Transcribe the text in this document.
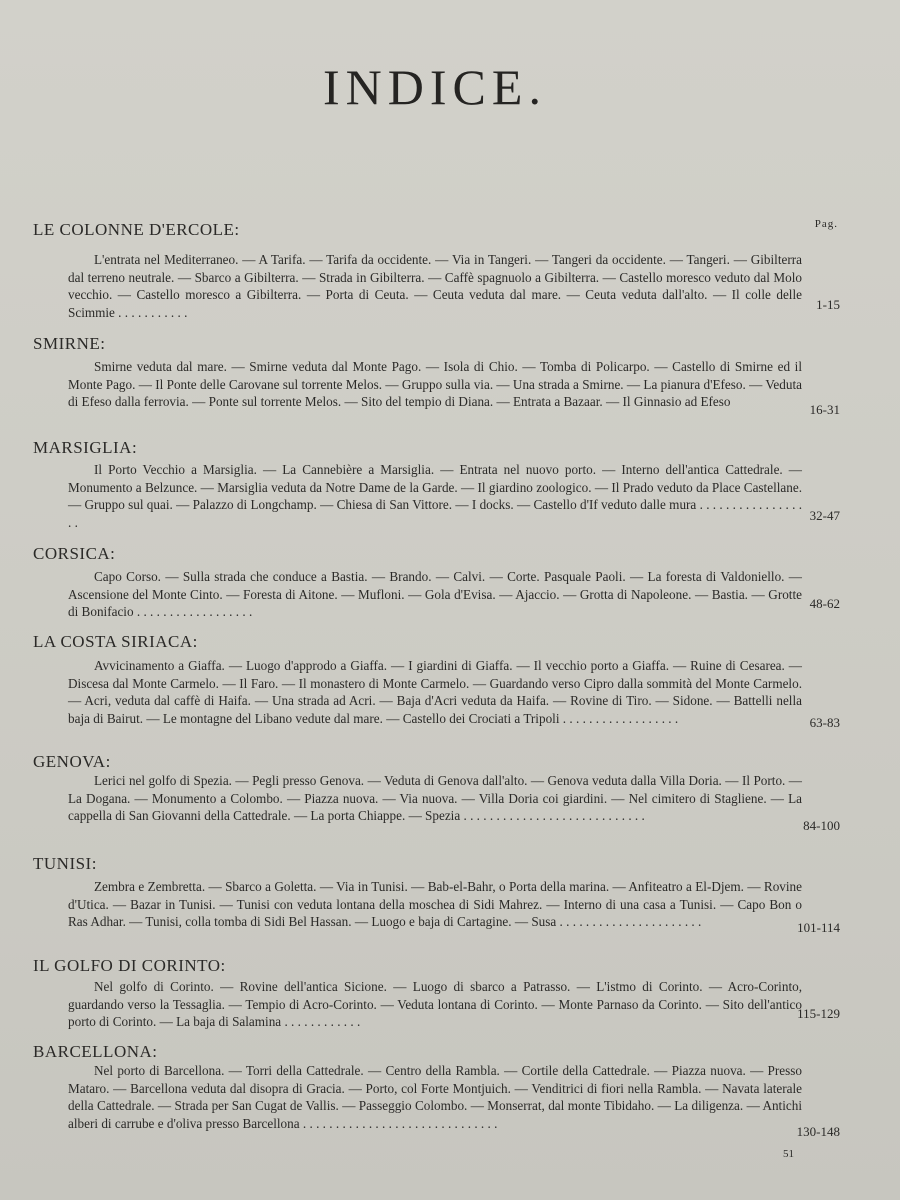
INDICE.
Pag.
LE COLONNE D'ERCOLE:

L'entrata nel Mediterraneo. — A Tarifa. — Tarifa da occidente. — Via in Tangeri. — Tangeri da occidente. — Tangeri. — Gibilterra dal terreno neutrale. — Sbarco a Gibilterra. — Strada in Gibilterra. — Caffè spagnuolo a Gibilterra. — Castello moresco veduto dal Molo vecchio. — Castello moresco a Gibilterra. — Porta di Ceuta. — Ceuta veduta dal mare. — Ceuta veduta dall'alto. — Il colle delle Scimmie . . . . . . . . . . .	1-15
SMIRNE:

Smirne veduta dal mare. — Smirne veduta dal Monte Pago. — Isola di Chio. — Tomba di Policarpo. — Castello di Smirne ed il Monte Pago. — Il Ponte delle Carovane sul torrente Melos. — Gruppo sulla via. — Una strada a Smirne. — La pianura d'Efeso. — Veduta di Efeso dalla ferrovia. — Ponte sul torrente Melos. — Sito del tempio di Diana. — Entrata a Bazaar. — Il Ginnasio ad Efeso

16-31
MARSIGLIA:

Il Porto Vecchio a Marsiglia. — La Cannebière a Marsiglia. — Entrata nel nuovo porto. — Interno dell'antica Cattedrale. — Monumento a Belzunce. — Marsiglia veduta da Notre Dame de la Garde. — Il giardino zoologico. — Il Prado veduto da Place Castellane. — Gruppo sul quai. — Palazzo di Longchamp. — Chiesa di San Vittore. — I docks. — Castello d'If veduto dalle mura . . . . . . . . . . . . . . . . . .	32-47
CORSICA:

Capo Corso. — Sulla strada che conduce a Bastia. — Brando. — Calvi. — Corte. Pasquale Paoli. — La foresta di Valdoniello. — Ascensione del Monte Cinto. — Foresta di Aitone. — Mufloni. — Gola d'Evisa. — Ajaccio. — Grotta di Napoleone. — Bastia. — Grotte di Bonifacio . . . . . . . . . . . . . . . . . .

48-62
LA COSTA SIRIACA:

Avvicinamento a Giaffa. — Luogo d'approdo a Giaffa. — I giardini di Giaffa. — Il vecchio porto a Giaffa. — Ruine di Cesarea. — Discesa dal Monte Carmelo. — Il Faro. — Il monastero di Monte Carmelo. — Guardando verso Cipro dalla sommità del Monte Carmelo. — Acri, veduta dal caffè di Haifa. — Una strada ad Acri. — Baja d'Acri veduta da Haifa. — Rovine di Tiro. — Sidone. — Battelli nella baja di Bairut. — Le montagne del Libano vedute dal mare. — Castello dei Crociati a Tripoli . . . . . . . . . . . . . . . . . .	63-83
GENOVA:

Lerici nel golfo di Spezia. — Pegli presso Genova. — Veduta di Genova dall'alto. — Genova veduta dalla Villa Doria. — Il Porto. — La Dogana. — Monumento a Colombo. — Piazza nuova. — Via nuova. — Villa Doria coi giardini. — Nel cimitero di Stagliene. — La cappella di San Giovanni della Cattedrale. — La porta Chiappe. — Spezia . . . . . . . . . . . . . . . . . . . . . . . . . . . .

84-100
TUNISI:

Zembra e Zembretta. — Sbarco a Goletta. — Via in Tunisi. — Bab-el-Bahr, o Porta della marina. — Anfiteatro a El-Djem. — Rovine d'Utica. — Bazar in Tunisi. — Tunisi con veduta lontana della moschea di Sidi Mahrez. — Interno di una casa a Tunisi. — Capo Bon o Ras Adhar. — Tunisi, colla tomba di Sidi Bel Hassan. — Luogo e baja di Cartagine. — Susa . . . . . . . . . . . . . . . . . . . . . .	101-114
IL GOLFO DI CORINTO:

Nel golfo di Corinto. — Rovine dell'antica Sicione. — Luogo di sbarco a Patrasso. — L'istmo di Corinto. — Acro-Corinto, guardando verso la Tessaglia. — Tempio di Acro-Corinto. — Veduta lontana di Corinto. — Monte Parnaso da Corinto. — Sito dell'antico porto di Corinto. — La baja di Salamina . . . . . . . . . . . .

115-129
BARCELLONA:

Nel porto di Barcellona. — Torri della Cattedrale. — Centro della Rambla. — Cortile della Cattedrale. — Piazza nuova. — Presso Mataro. — Barcellona veduta dal disopra di Gracia. — Porto, col Forte Montjuich. — Venditrici di fiori nella Rambla. — Navata laterale della Cattedrale. — Strada per San Cugat de Vallis. — Passeggio Colombo. — Monserrat, dal monte Tibidaho. — La diligenza. — Antichi alberi di carrube e d'oliva presso Barcellona . . . . . . . . . . . . . . . . . . . . . . . . . . . . . .

130-148
51
